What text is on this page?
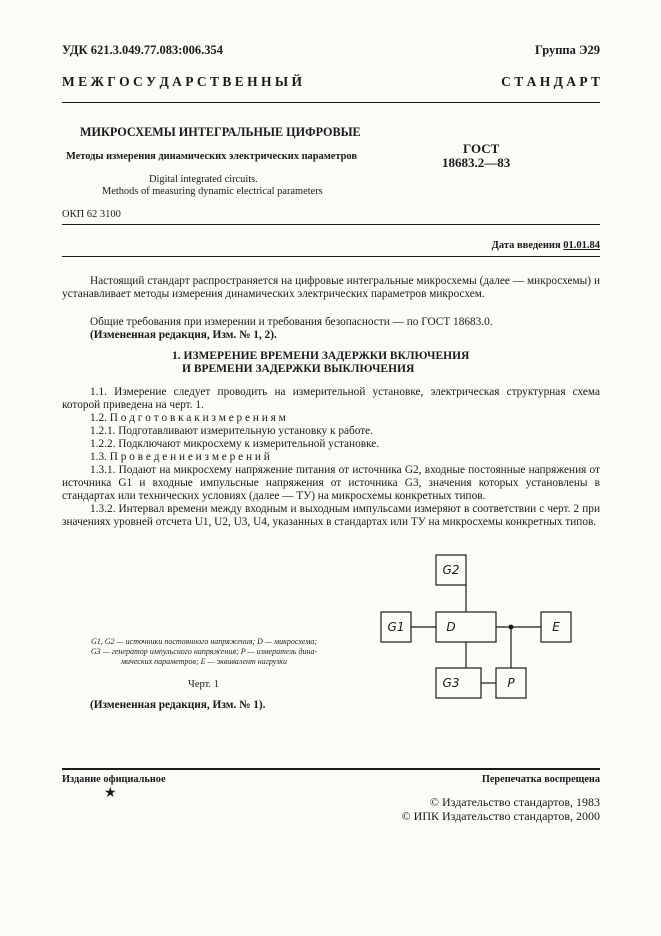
УДК 621.3.049.77.083:006.354	Группа Э29
М Е Ж Г О С У Д А Р С Т В Е Н Н Ы Й	С Т А Н Д А Р Т
МИКРОСХЕМЫ ИНТЕГРАЛЬНЫЕ ЦИФРОВЫЕ
Методы измерения динамических электрических параметров
Digital integrated circuits.
Methods of measuring dynamic electrical parameters
ГОСТ
18683.2—83
ОКП 62 3100
Дата введения 01.01.84
Настоящий стандарт распространяется на цифровые интегральные микросхемы (далее — микросхемы) и устанавливает методы измерения динамических электрических параметров микросхем.
Общие требования при измерении и требования безопасности — по ГОСТ 18683.0.
(Измененная редакция, Изм. № 1, 2).
1. ИЗМЕРЕНИЕ ВРЕМЕНИ ЗАДЕРЖКИ ВКЛЮЧЕНИЯ
И ВРЕМЕНИ ЗАДЕРЖКИ ВЫКЛЮЧЕНИЯ
1.1. Измерение следует проводить на измерительной установке, электрическая структурная схема которой приведена на черт. 1.
1.2. П о д г о т о в к а к и з м е р е н и я м
1.2.1. Подготавливают измерительную установку к работе.
1.2.2. Подключают микросхему к измерительной установке.
1.3. П р о в е д е н и е и з м е р е н и й
1.3.1. Подают на микросхему напряжение питания от источника G2, входные постоянные напряжения от источника G1 и входные импульсные напряжения от источника G3, значения которых установлены в стандартах или технических условиях (далее — ТУ) на микросхемы конкретных типов.
1.3.2. Интервал времени между входным и выходным импульсами измеряют в соответствии с черт. 2 при значениях уровней отсчета U1, U2, U3, U4, указанных в стандартах или ТУ на микросхемы конкретных типов.
G1, G2 — источники постоянного напряжения; D — микросхема;
G3 — генератор импульсного напряжения; P — измеритель дина-
мических параметров; E — эквивалент нагрузки
Черт. 1
G2
G1	D	E
G3	P
(Измененная редакция, Изм. № 1).
Издание официальное
★
Перепечатка воспрещена
© Издательство стандартов, 1983
© ИПК Издательство стандартов, 2000
